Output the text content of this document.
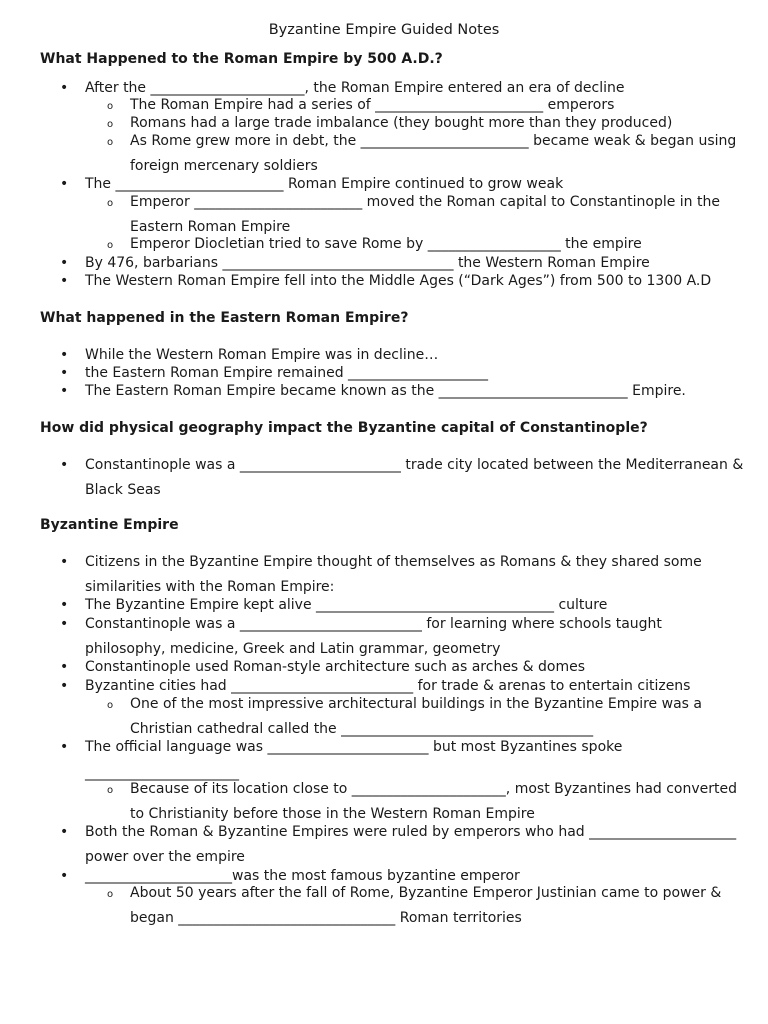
Byzantine Empire Guided Notes
What Happened to the Roman Empire by 500 A.D.?
• After the ______________________, the Roman Empire entered an era of decline
o The Roman Empire had a series of ________________________ emperors
o Romans had a large trade imbalance (they bought more than they produced)
o As Rome grew more in debt, the ________________________ became weak & began using
foreign mercenary soldiers
• The ________________________ Roman Empire continued to grow weak
o Emperor ________________________ moved the Roman capital to Constantinople in the
Eastern Roman Empire
o Emperor Diocletian tried to save Rome by ___________________ the empire
• By 476, barbarians _________________________________ the Western Roman Empire
• The Western Roman Empire fell into the Middle Ages (“Dark Ages”) from 500 to 1300 A.D
What happened in the Eastern Roman Empire?
• While the Western Roman Empire was in decline…
• the Eastern Roman Empire remained ____________________
• The Eastern Roman Empire became known as the ___________________________ Empire.
How did physical geography impact the Byzantine capital of Constantinople?
• Constantinople was a _______________________ trade city located between the Mediterranean &
Black Seas
Byzantine Empire
• Citizens in the Byzantine Empire thought of themselves as Romans & they shared some
similarities with the Roman Empire:
• The Byzantine Empire kept alive __________________________________ culture
• Constantinople was a __________________________ for learning where schools taught
philosophy, medicine, Greek and Latin grammar, geometry
• Constantinople used Roman-style architecture such as arches & domes
• Byzantine cities had __________________________ for trade & arenas to entertain citizens
o One of the most impressive architectural buildings in the Byzantine Empire was a
Christian cathedral called the ____________________________________
• The official language was _______________________ but most Byzantines spoke
______________________
o Because of its location close to ______________________, most Byzantines had converted
to Christianity before those in the Western Roman Empire
• Both the Roman & Byzantine Empires were ruled by emperors who had _____________________
power over the empire
• _____________________was the most famous byzantine emperor
o About 50 years after the fall of Rome, Byzantine Emperor Justinian came to power &
began _______________________________ Roman territories
